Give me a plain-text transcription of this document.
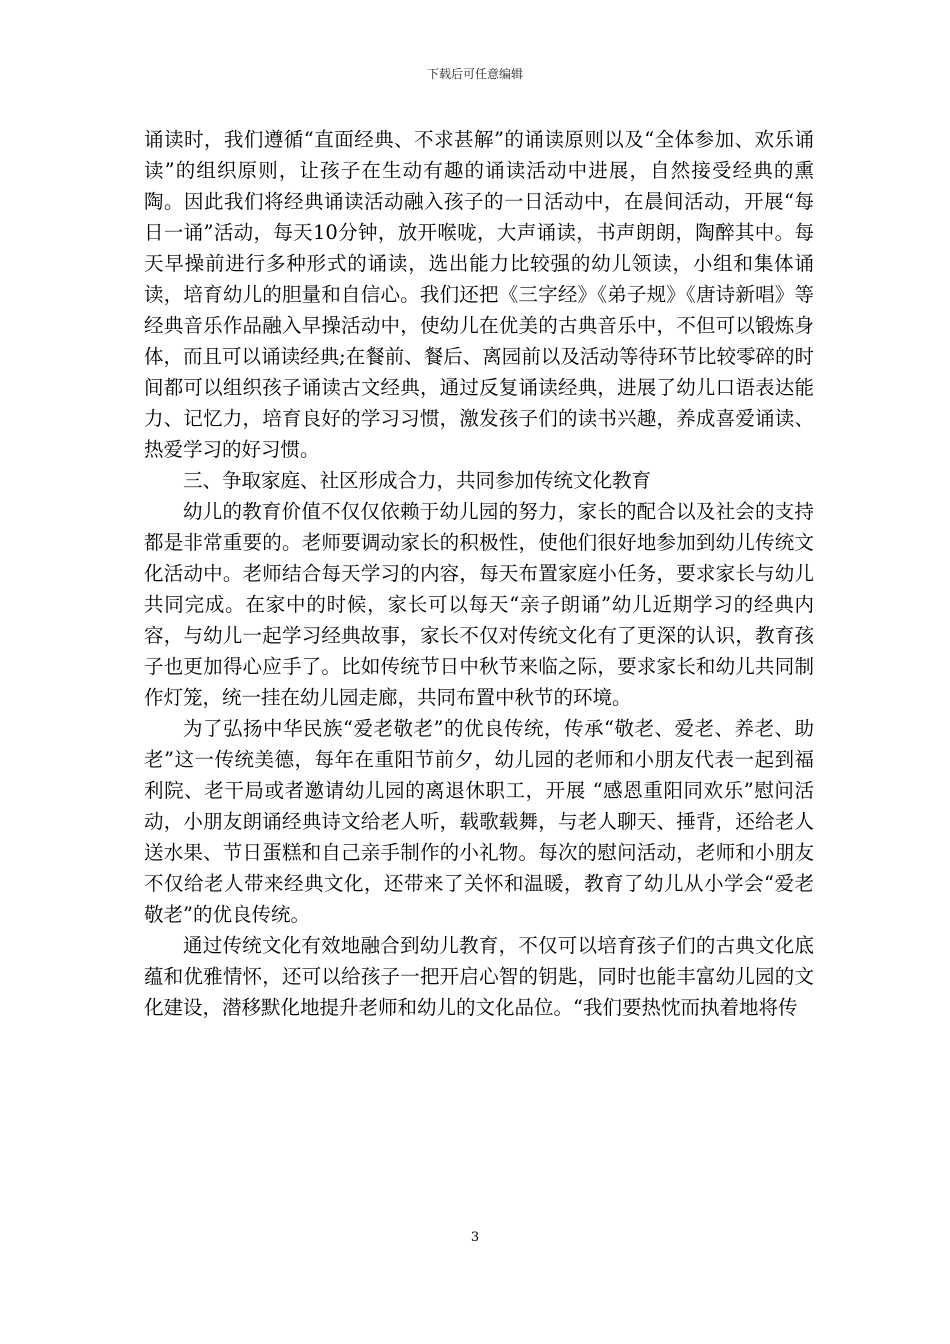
下载后可任意编辑

诵读时，我们遵循“直面经典、不求甚解”的诵读原则以及“全体参加、欢乐诵读”的组织原则，让孩子在生动有趣的诵读活动中进展，自然接受经典的熏陶。因此我们将经典诵读活动融入孩子的一日活动中，在晨间活动，开展“每日一诵”活动，每天10分钟，放开喉咙，大声诵读，书声朗朗，陶醉其中。每天早操前进行多种形式的诵读，选出能力比较强的幼儿领读，小组和集体诵读，培育幼儿的胆量和自信心。我们还把《三字经》《弟子规》《唐诗新唱》等经典音乐作品融入早操活动中，使幼儿在优美的古典音乐中，不但可以锻炼身体，而且可以诵读经典;在餐前、餐后、离园前以及活动等待环节比较零碎的时间都可以组织孩子诵读古文经典，通过反复诵读经典，进展了幼儿口语表达能力、记忆力，培育良好的学习习惯，激发孩子们的读书兴趣，养成喜爱诵读、热爱学习的好习惯。

三、争取家庭、社区形成合力，共同参加传统文化教育

幼儿的教育价值不仅仅依赖于幼儿园的努力，家长的配合以及社会的支持都是非常重要的。老师要调动家长的积极性，使他们很好地参加到幼儿传统文化活动中。老师结合每天学习的内容，每天布置家庭小任务，要求家长与幼儿共同完成。在家中的时候，家长可以每天“亲子朗诵”幼儿近期学习的经典内容，与幼儿一起学习经典故事，家长不仅对传统文化有了更深的认识，教育孩子也更加得心应手了。比如传统节日中秋节来临之际，要求家长和幼儿共同制作灯笼，统一挂在幼儿园走廊，共同布置中秋节的环境。

为了弘扬中华民族“爱老敬老”的优良传统，传承“敬老、爱老、养老、助老”这一传统美德，每年在重阳节前夕，幼儿园的老师和小朋友代表一起到福利院、老干局或者邀请幼儿园的离退休职工，开展 “感恩重阳同欢乐”慰问活动，小朋友朗诵经典诗文给老人听，载歌载舞，与老人聊天、捶背，还给老人送水果、节日蛋糕和自己亲手制作的小礼物。每次的慰问活动，老师和小朋友不仅给老人带来经典文化，还带来了关怀和温暖，教育了幼儿从小学会“爱老敬老”的优良传统。

通过传统文化有效地融合到幼儿教育，不仅可以培育孩子们的古典文化底蕴和优雅情怀，还可以给孩子一把开启心智的钥匙，同时也能丰富幼儿园的文化建设，潜移默化地提升老师和幼儿的文化品位。“我们要热忱而执着地将传

3
